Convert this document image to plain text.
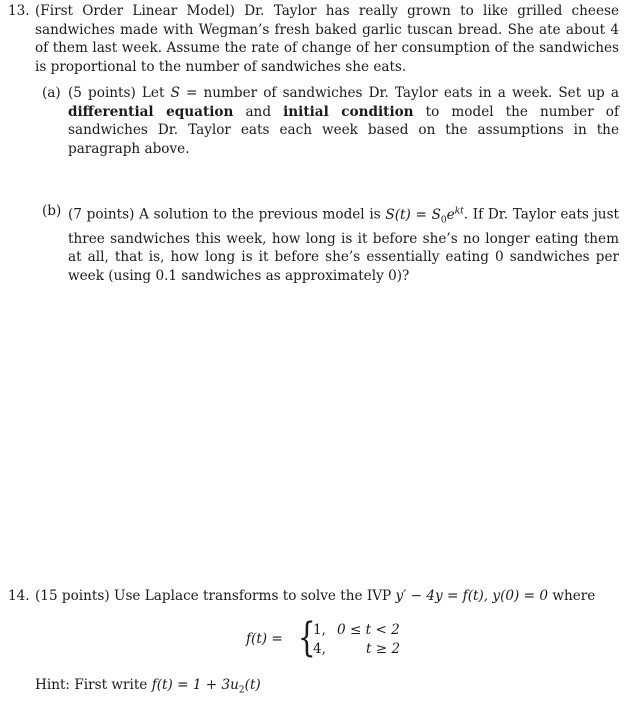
13. (First Order Linear Model) Dr. Taylor has really grown to like grilled cheese sandwiches made with Wegman’s fresh baked garlic tuscan bread. She ate about 4 of them last week. Assume the rate of change of her consumption of the sandwiches is proportional to the number of sandwiches she eats.
(a) (5 points) Let S = number of sandwiches Dr. Taylor eats in a week. Set up a differential equation and initial condition to model the number of sandwiches Dr. Taylor eats each week based on the assumptions in the paragraph above.
(b) (7 points) A solution to the previous model is $S(t) = S_0e^{kt}$. If Dr. Taylor eats just three sandwiches this week, how long is it before she’s no longer eating them at all, that is, how long is it before she’s essentially eating 0 sandwiches per week (using 0.1 sandwiches as approximately 0)?
14. (15 points) Use Laplace transforms to solve the IVP y′ − 4y = f(t), y(0) = 0 where
f(t) = {
1, 0 ≤ t < 2
4,	t ≥ 2
Hint: First write $f(t) = 1 + 3u_2(t)$
